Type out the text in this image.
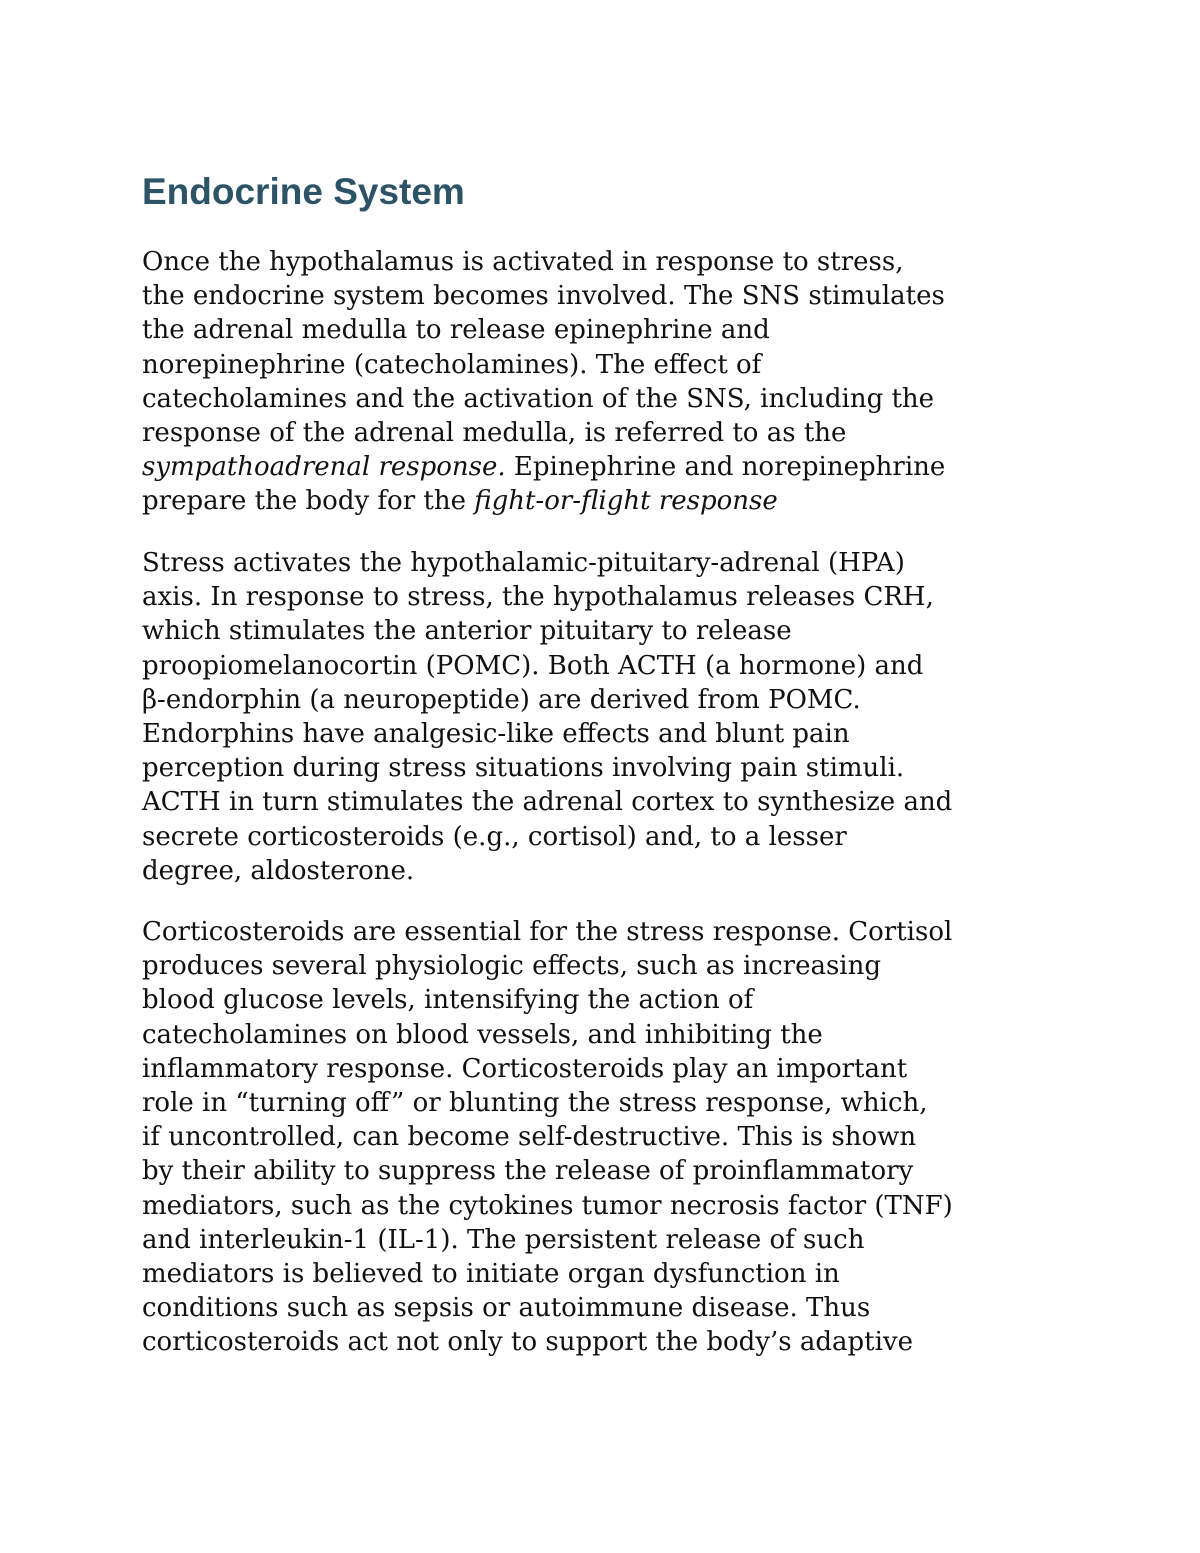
Endocrine System

Once the hypothalamus is activated in response to stress,
the endocrine system becomes involved. The SNS stimulates
the adrenal medulla to release epinephrine and
norepinephrine (catecholamines). The effect of
catecholamines and the activation of the SNS, including the
response of the adrenal medulla, is referred to as the
sympathoadrenal response. Epinephrine and norepinephrine
prepare the body for the fight-or-flight response

Stress activates the hypothalamic-pituitary-adrenal (HPA)
axis. In response to stress, the hypothalamus releases CRH,
which stimulates the anterior pituitary to release
proopiomelanocortin (POMC). Both ACTH (a hormone) and
β-endorphin (a neuropeptide) are derived from POMC.
Endorphins have analgesic-like effects and blunt pain
perception during stress situations involving pain stimuli.
ACTH in turn stimulates the adrenal cortex to synthesize and
secrete corticosteroids (e.g., cortisol) and, to a lesser
degree, aldosterone.

Corticosteroids are essential for the stress response. Cortisol
produces several physiologic effects, such as increasing
blood glucose levels, intensifying the action of
catecholamines on blood vessels, and inhibiting the
inflammatory response. Corticosteroids play an important
role in “turning off” or blunting the stress response, which,
if uncontrolled, can become self-destructive. This is shown
by their ability to suppress the release of proinflammatory
mediators, such as the cytokines tumor necrosis factor (TNF)
and interleukin-1 (IL-1). The persistent release of such
mediators is believed to initiate organ dysfunction in
conditions such as sepsis or autoimmune disease. Thus
corticosteroids act not only to support the body’s adaptive
